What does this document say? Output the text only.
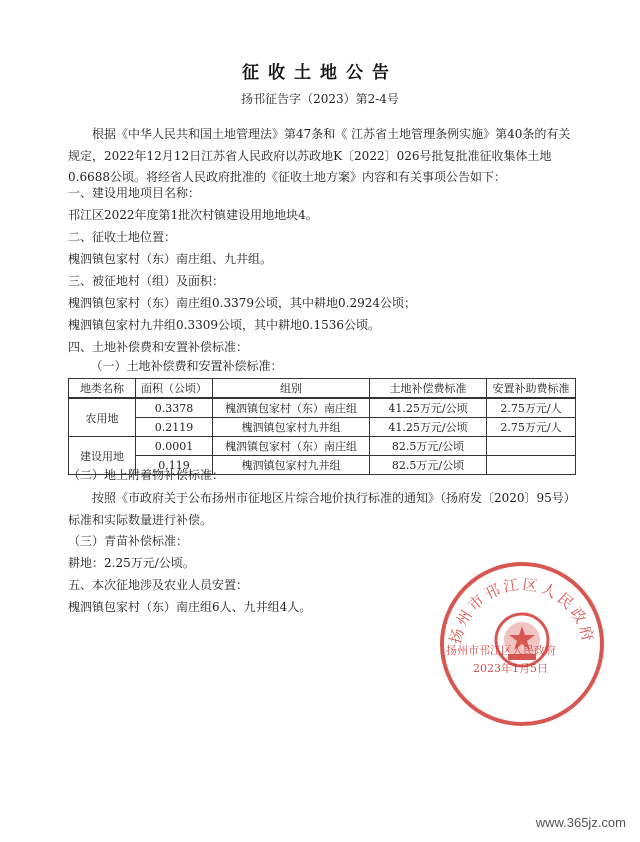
征收土地公告
扬邗征告字（2023）第2-4号

根据《中华人民共和国土地管理法》第47条和《 江苏省土地管理条例实施》第40条的有关规定，2022年12月12日江苏省人民政府以苏政地K〔2022〕026号批复批准征收集体土地0.6688公顷。将经省人民政府批准的《征收土地方案》内容和有关事项公告如下：

一、建设用地项目名称：
邗江区2022年度第1批次村镇建设用地地块4。
二、征收土地位置：
槐泗镇包家村（东）南庄组、九井组。
三、被征地村（组）及面积：
槐泗镇包家村（东）南庄组0.3379公顷，其中耕地0.2924公顷；
槐泗镇包家村九井组0.3309公顷，其中耕地0.1536公顷。
四、土地补偿费和安置补偿标准：
（一）土地补偿费和安置补偿标准：
地类名称	面积（公顷）	组别	土地补偿费标准	安置补助费标准
农用地	0.3378	槐泗镇包家村（东）南庄组	41.25万元/公顷	2.75万元/人
	0.2119	槐泗镇包家村九井组	41.25万元/公顷	2.75万元/人
建设用地	0.0001	槐泗镇包家村（东）南庄组	82.5万元/公顷	
	0.119	槐泗镇包家村九井组	82.5万元/公顷	
（二）地上附着物补偿标准：

按照《市政府关于公布扬州市征地区片综合地价执行标准的通知》（扬府发〔2020〕95号）标准和实际数量进行补偿。

（三）青苗补偿标准：
耕地：2.25万元/公顷。
五、本次征地涉及农业人员安置：
槐泗镇包家村（东）南庄组6人、九井组4人。
扬州市邗江区人民政府
扬州市邗江区人民政府
2023年1月5日
www.365jz.com
